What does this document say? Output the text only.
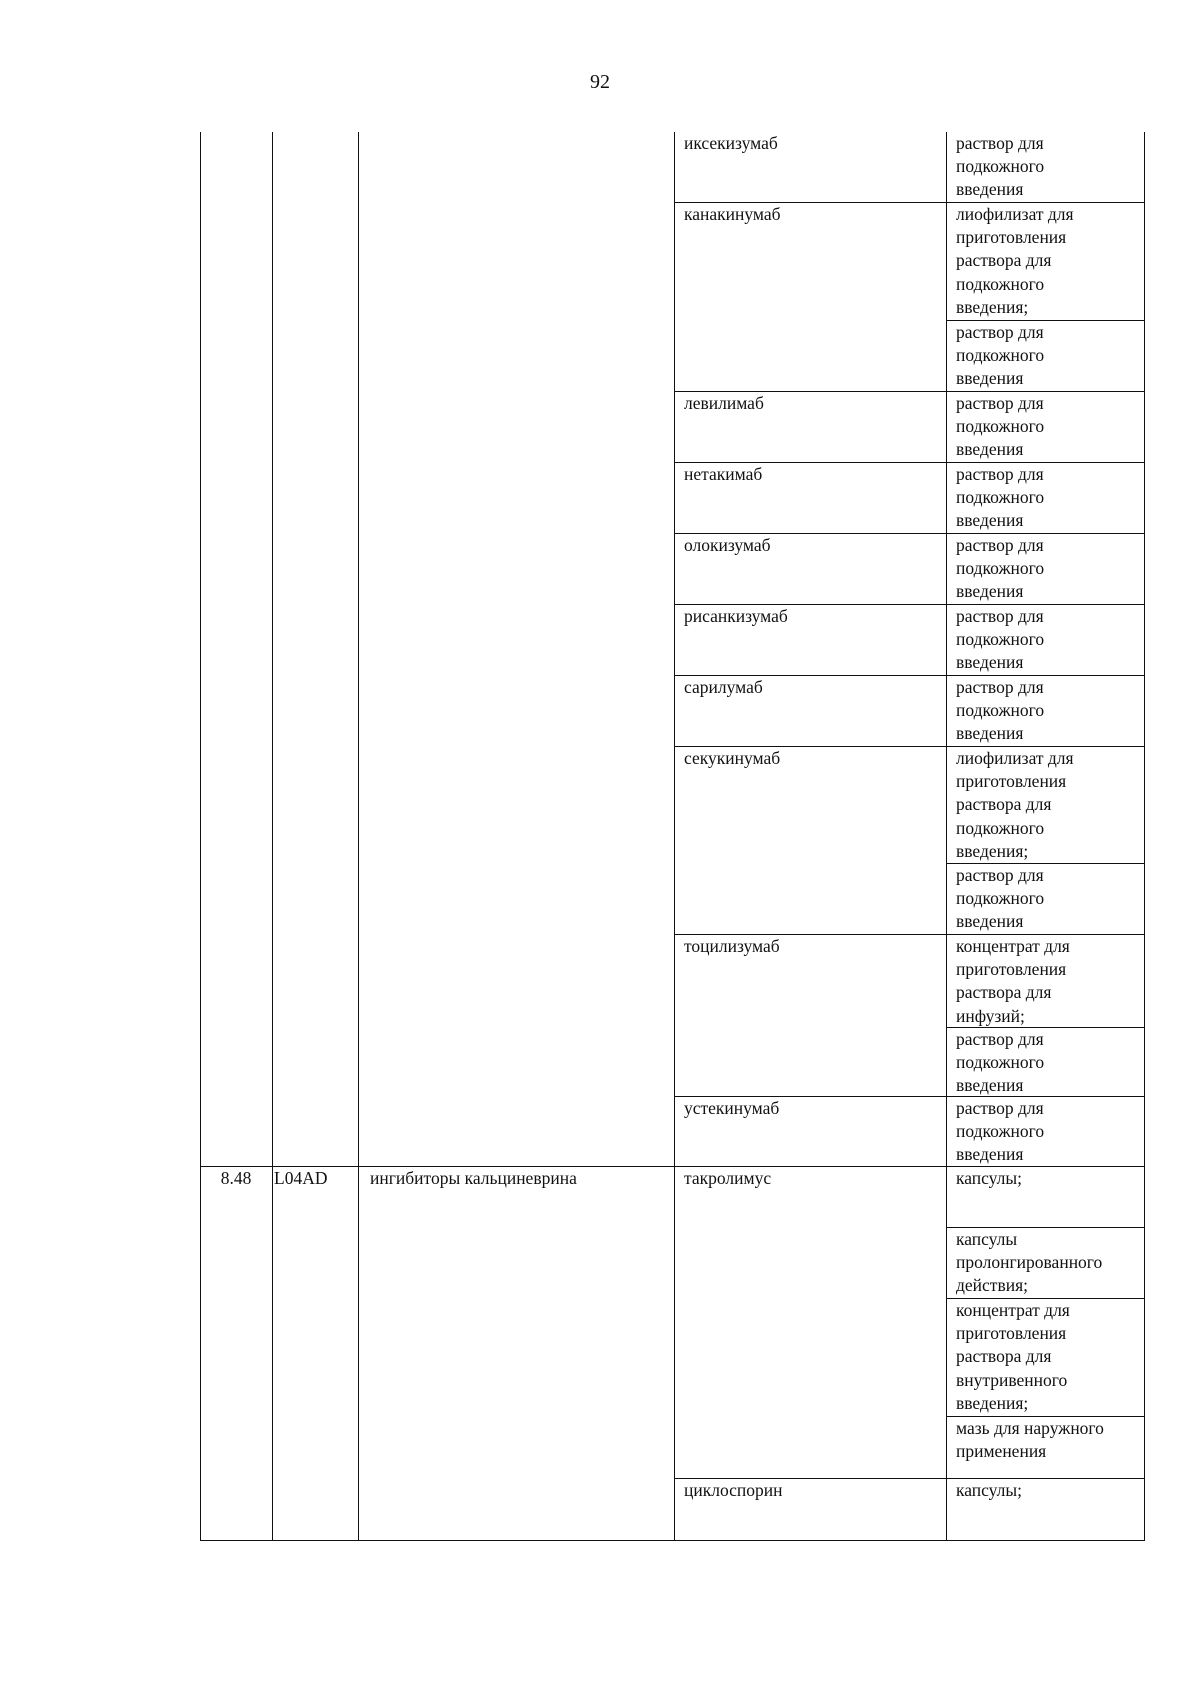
92
иксекизумаб
канакинумаб
левилимаб
нетакимаб
олокизумаб
рисанкизумаб
сарилумаб
секукинумаб
тоцилизумаб
устекинумаб
такролимус
циклоспорин
раствор для
подкожного
введения
лиофилизат для
приготовления
раствора для
подкожного
введения;
раствор для
подкожного
введения
раствор для
подкожного
введения
раствор для
подкожного
введения
раствор для
подкожного
введения
раствор для
подкожного
введения
раствор для
подкожного
введения
лиофилизат для
приготовления
раствора для
подкожного
введения;
раствор для
подкожного
введения
концентрат для
приготовления
раствора для
инфузий;
раствор для
подкожного
введения
раствор для
подкожного
введения
капсулы;
капсулы
пролонгированного
действия;
концентрат для
приготовления
раствора для
внутривенного
введения;
мазь для наружного
применения
капсулы;
8.48	L04AD	ингибиторы кальциневрина
